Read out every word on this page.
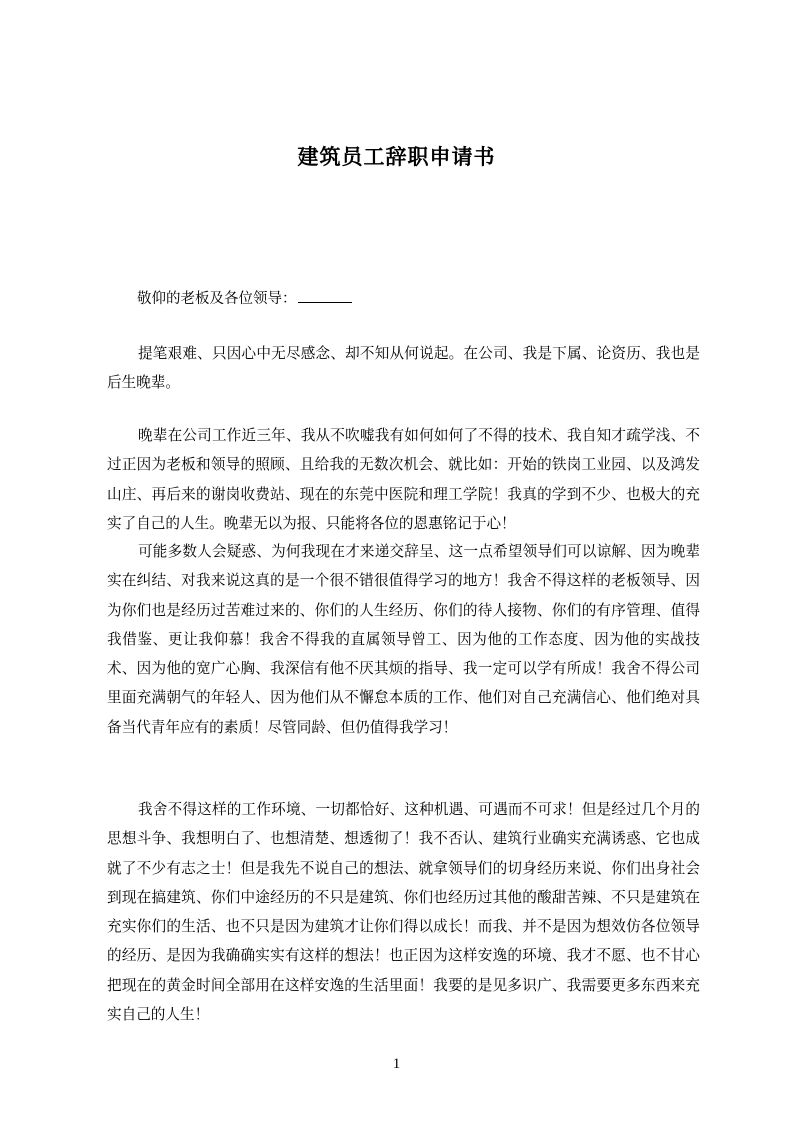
建筑员工辞职申请书

敬仰的老板及各位领导：

提笔艰难、只因心中无尽感念、却不知从何说起。在公司、我是下属、论资历、我也是后生晚辈。

晚辈在公司工作近三年、我从不吹嘘我有如何如何了不得的技术、我自知才疏学浅、不过正因为老板和领导的照顾、且给我的无数次机会、就比如：开始的铁岗工业园、以及鸿发山庄、再后来的谢岗收费站、现在的东莞中医院和理工学院！我真的学到不少、也极大的充实了自己的人生。晚辈无以为报、只能将各位的恩惠铭记于心！

可能多数人会疑惑、为何我现在才来递交辞呈、这一点希望领导们可以谅解、因为晚辈实在纠结、对我来说这真的是一个很不错很值得学习的地方！我舍不得这样的老板领导、因为你们也是经历过苦难过来的、你们的人生经历、你们的待人接物、你们的有序管理、值得我借鉴、更让我仰慕！我舍不得我的直属领导曾工、因为他的工作态度、因为他的实战技术、因为他的宽广心胸、我深信有他不厌其烦的指导、我一定可以学有所成！我舍不得公司里面充满朝气的年轻人、因为他们从不懈怠本质的工作、他们对自己充满信心、他们绝对具备当代青年应有的素质！尽管同龄、但仍值得我学习！

我舍不得这样的工作环境、一切都恰好、这种机遇、可遇而不可求！但是经过几个月的思想斗争、我想明白了、也想清楚、想透彻了！我不否认、建筑行业确实充满诱惑、它也成就了不少有志之士！但是我先不说自己的想法、就拿领导们的切身经历来说、你们出身社会到现在搞建筑、你们中途经历的不只是建筑、你们也经历过其他的酸甜苦辣、不只是建筑在充实你们的生活、也不只是因为建筑才让你们得以成长！而我、并不是因为想效仿各位领导的经历、是因为我确确实实有这样的想法！也正因为这样安逸的环境、我才不愿、也不甘心把现在的黄金时间全部用在这样安逸的生活里面！我要的是见多识广、我需要更多东西来充实自己的人生！

1
